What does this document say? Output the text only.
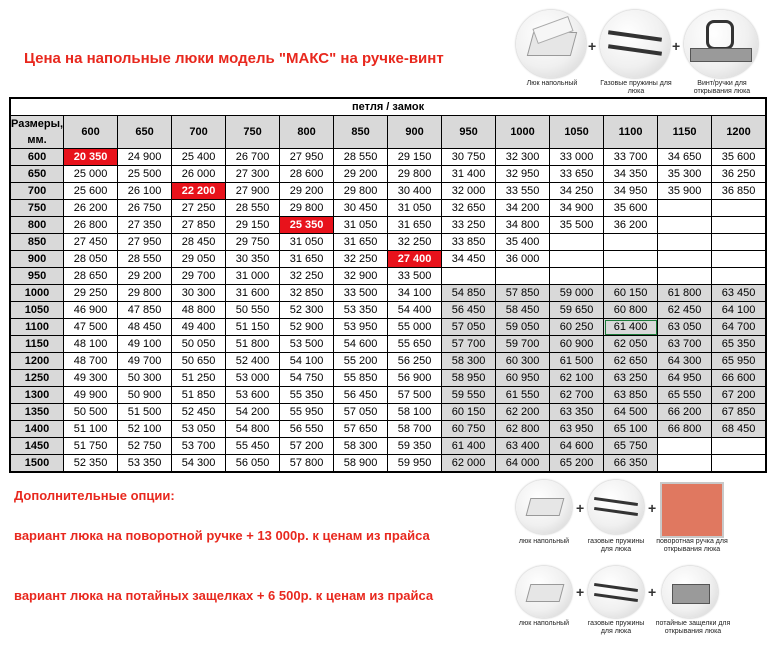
Цена на напольные люки модель "МАКС" на ручке-винт
+	+
Люк напольный	Газовые пружины для люка
Винт/ручки для открывания люка
петля / замок													
Размеры, мм.	600	650	700	750	800	850	900	950	1000	1050	1100	1150	1200
600	20 350	24 900	25 400	26 700	27 950	28 550	29 150	30 750	32 300	33 000	33 700	34 650	35 600
650	25 000	25 500	26 000	27 300	28 600	29 200	29 800	31 400	32 950	33 650	34 350	35 300	36 250
700	25 600	26 100	22 200	27 900	29 200	29 800	30 400	32 000	33 550	34 250	34 950	35 900	36 850
750	26 200	26 750	27 250	28 550	29 800	30 450	31 050	32 650	34 200	34 900	35 600		
800	26 800	27 350	27 850	29 150	25 350	31 050	31 650	33 250	34 800	35 500	36 200		
850	27 450	27 950	28 450	29 750	31 050	31 650	32 250	33 850	35 400				
900	28 050	28 550	29 050	30 350	31 650	32 250	27 400	34 450	36 000				
950	28 650	29 200	29 700	31 000	32 250	32 900	33 500						
1000	29 250	29 800	30 300	31 600	32 850	33 500	34 100	54 850	57 850	59 000	60 150	61 800	63 450
1050	46 900	47 850	48 800	50 550	52 300	53 350	54 400	56 450	58 450	59 650	60 800	62 450	64 100
1100	47 500	48 450	49 400	51 150	52 900	53 950	55 000	57 050	59 050	60 250	61 400	63 050	64 700
1150	48 100	49 100	50 050	51 800	53 500	54 600	55 650	57 700	59 700	60 900	62 050	63 700	65 350
1200	48 700	49 700	50 650	52 400	54 100	55 200	56 250	58 300	60 300	61 500	62 650	64 300	65 950
1250	49 300	50 300	51 250	53 000	54 750	55 850	56 900	58 950	60 950	62 100	63 250	64 950	66 600
1300	49 900	50 900	51 850	53 600	55 350	56 450	57 500	59 550	61 550	62 700	63 850	65 550	67 200
1350	50 500	51 500	52 450	54 200	55 950	57 050	58 100	60 150	62 200	63 350	64 500	66 200	67 850
1400	51 100	52 100	53 050	54 800	56 550	57 650	58 700	60 750	62 800	63 950	65 100	66 800	68 450
1450	51 750	52 750	53 700	55 450	57 200	58 300	59 350	61 400	63 400	64 600	65 750		
1500	52 350	53 350	54 300	56 050	57 800	58 900	59 950	62 000	64 000	65 200	66 350		
Дополнительные опции:
вариант люка на поворотной ручке + 13 000р. к ценам из прайса
вариант люка на потайных защелках + 6 500р. к ценам из прайса
+	+
люк напольный	газовые пружины для люка
поворотная ручка для открывания люка
+	+
люк напольный	газовые пружины для люка
потайные защелки для открывания люка
